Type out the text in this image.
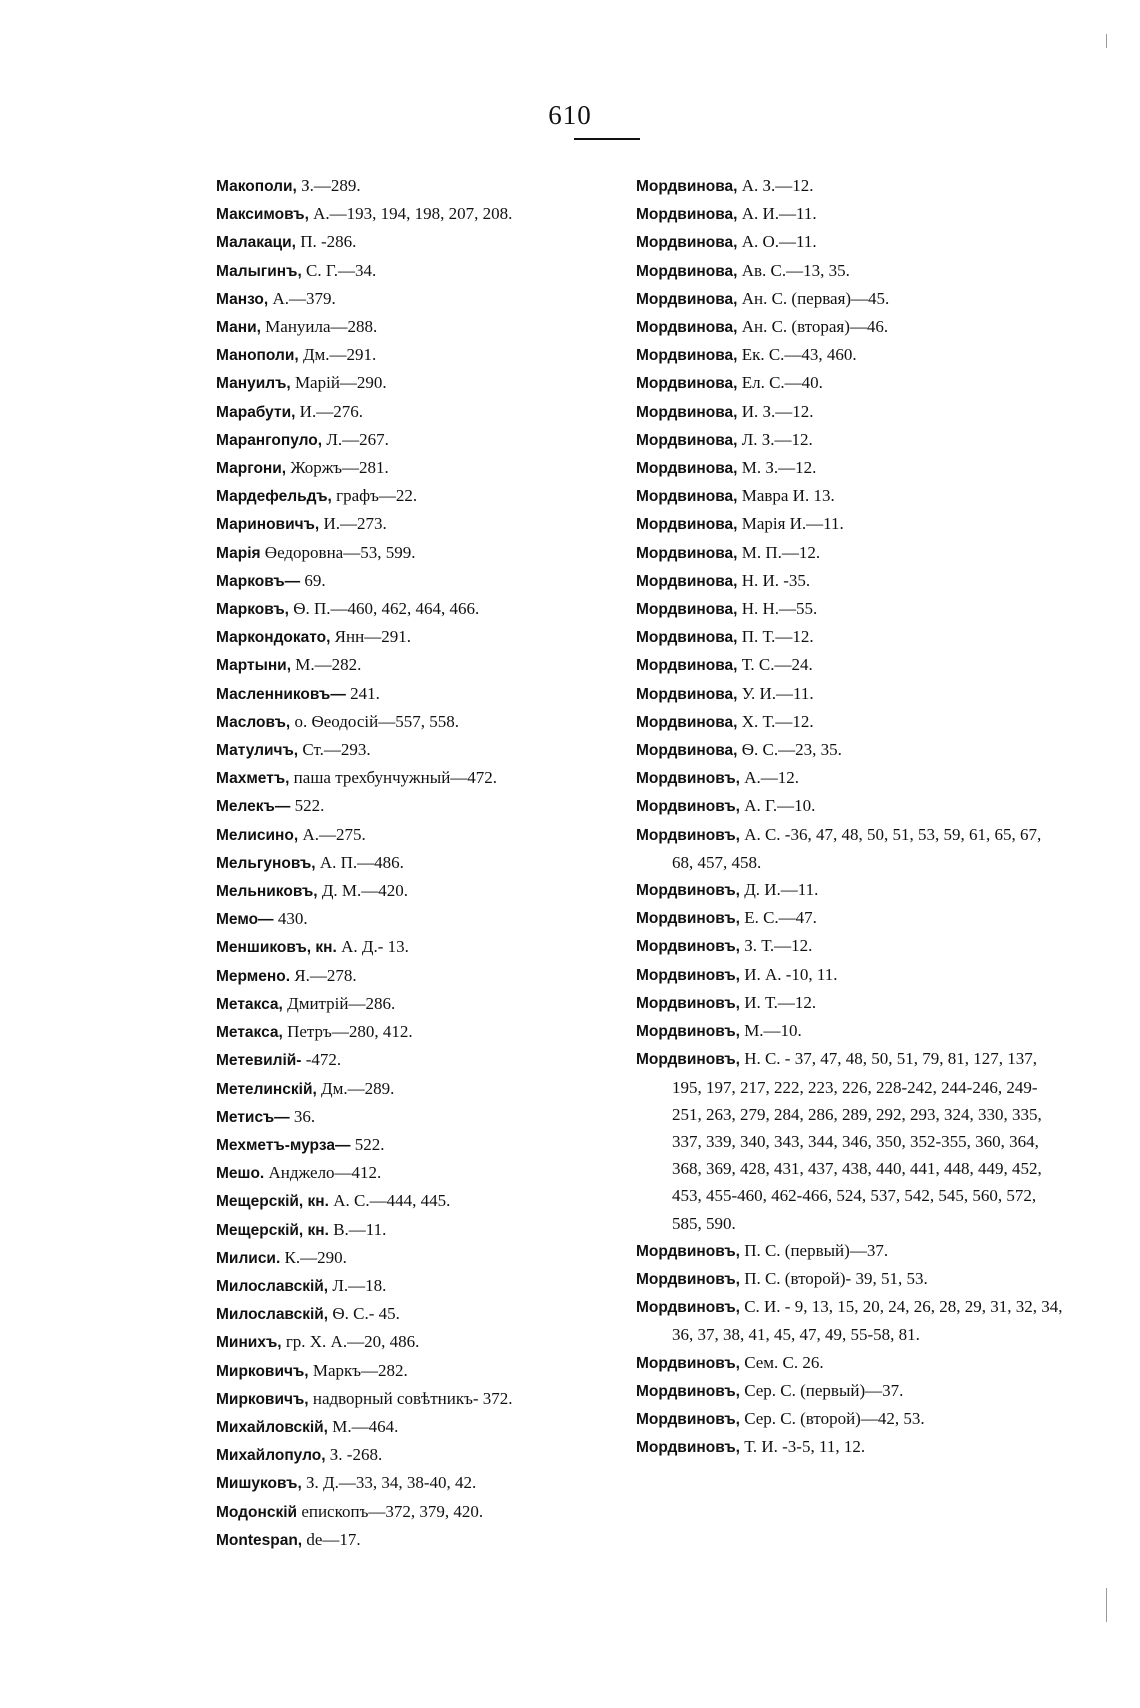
610

Макополи, З.—289.

Максимовъ, А.—193, 194, 198, 207, 208.

Малакаци, П. -286.

Малыгинъ, С. Г.—34.

Манзо, А.—379.

Мани, Мануила—288.

Манополи, Дм.—291.

Мануилъ, Марій—290.

Марабути, И.—276.

Марангопуло, Л.—267.

Маргони, Жоржъ—281.

Мардефельдъ, графъ—22.

Мариновичъ, И.—273.

Марія Өедоровна—53, 599.

Марковъ— 69.

Марковъ, Ѳ. П.—460, 462, 464, 466.

Маркондокато, Янн—291.

Мартыни, М.—282.

Масленниковъ— 241.

Масловъ, о. Ѳеодосій—557, 558.

Матуличъ, Ст.—293.

Махметъ, паша трехбунчужный—472.

Мелекъ— 522.

Мелисино, А.—275.

Мельгуновъ, А. П.—486.

Мельниковъ, Д. М.—420.

Мемо— 430.

Меншиковъ, кн. А. Д.- 13.

Мермено. Я.—278.

Метакса, Дмитрій—286.

Метакса, Петръ—280, 412.

Метевилій- -472.

Метелинскій, Дм.—289.

Метисъ— 36.

Мехметъ-мурза— 522.

Мешо. Анджело—412.

Мещерскій, кн. А. С.—444, 445.

Мещерскій, кн. В.—11.

Милиси. К.—290.

Милославскій, Л.—18.

Милославскій, Ѳ. С.- 45.

Минихъ, гр. Х. А.—20, 486.

Мирковичъ, Маркъ—282.

Мирковичъ, надворный совѣтникъ- 372.

Михайловскій, М.—464.

Михайлопуло, З. -268.

Мишуковъ, З. Д.—33, 34, 38-40, 42.

Модонскій епископъ—372, 379, 420.

Montespan, de—17.

Мордвинова, А. З.—12.

Мордвинова, А. И.—11.

Мордвинова, А. О.—11.

Мордвинова, Ав. С.—13, 35.

Мордвинова, Ан. С. (первая)—45.

Мордвинова, Ан. С. (вторая)—46.

Мордвинова, Ек. С.—43, 460.

Мордвинова, Ел. С.—40.

Мордвинова, И. З.—12.

Мордвинова, Л. З.—12.

Мордвинова, М. З.—12.

Мордвинова, Мавра И. 13.

Мордвинова, Марія И.—11.

Мордвинова, М. П.—12.

Мордвинова, Н. И. -35.

Мордвинова, Н. Н.—55.

Мордвинова, П. Т.—12.

Мордвинова, Т. С.—24.

Мордвинова, У. И.—11.

Мордвинова, Х. Т.—12.

Мордвинова, Ѳ. С.—23, 35.

Мордвиновъ, А.—12.

Мордвиновъ, А. Г.—10.

Мордвиновъ, А. С. -36, 47, 48, 50, 51, 53, 59, 61, 65, 67, 68, 457, 458.

Мордвиновъ, Д. И.—11.

Мордвиновъ, Е. С.—47.

Мордвиновъ, З. Т.—12.

Мордвиновъ, И. А. -10, 11.

Мордвиновъ, И. Т.—12.

Мордвиновъ, М.—10.

Мордвиновъ, Н. С. - 37, 47, 48, 50, 51, 79, 81, 127, 137, 195, 197, 217, 222, 223, 226, 228-242, 244-246, 249-251, 263, 279, 284, 286, 289, 292, 293, 324, 330, 335, 337, 339, 340, 343, 344, 346, 350, 352-355, 360, 364, 368, 369, 428, 431, 437, 438, 440, 441, 448, 449, 452, 453, 455-460, 462-466, 524, 537, 542, 545, 560, 572, 585, 590.

Мордвиновъ, П. С. (первый)—37.

Мордвиновъ, П. С. (второй)- 39, 51, 53.

Мордвиновъ, С. И. - 9, 13, 15, 20, 24, 26, 28, 29, 31, 32, 34, 36, 37, 38, 41, 45, 47, 49, 55-58, 81.

Мордвиновъ, Сем. С. 26.

Мордвиновъ, Сер. С. (первый)—37.

Мордвиновъ, Сер. С. (второй)—42, 53.

Мордвиновъ, Т. И. -3-5, 11, 12.
